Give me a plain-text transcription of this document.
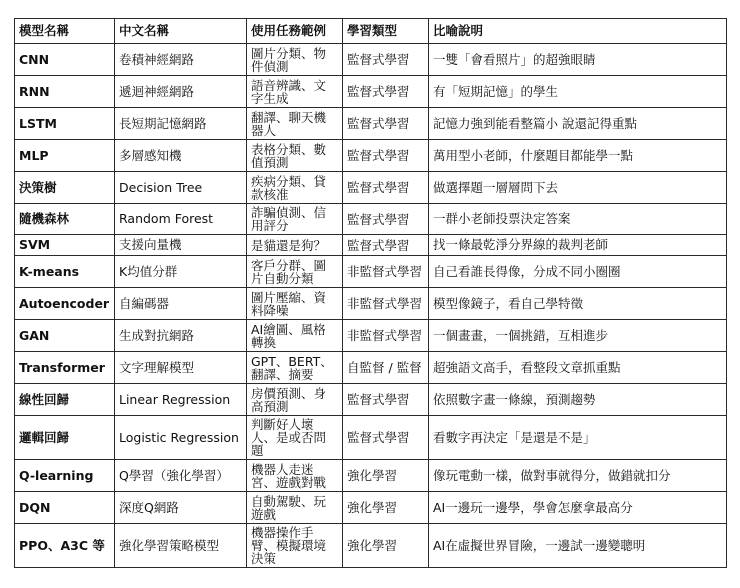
模型名稱	中文名稱	使用任務範例	學習類型	比喻說明
CNN	卷積神經網路	圖片分類、物件偵測	監督式學習	一雙「會看照片」的超強眼睛
RNN	遞迴神經網路	語音辨識、文字生成	監督式學習	有「短期記憶」的學生
LSTM	長短期記憶網路	翻譯、聊天機器人	監督式學習	記憶力強到能看整篇小 說還記得重點
MLP	多層感知機	表格分類、數值預測	監督式學習	萬用型小老師，什麼題目都能學一點
決策樹	Decision Tree	疾病分類、貸款核准	監督式學習	做選擇題一層層問下去
隨機森林	Random Forest	詐騙偵測、信用評分	監督式學習	一群小老師投票決定答案
SVM	支援向量機	是貓還是狗？	監督式學習	找一條最乾淨分界線的裁判老師
K-means	K均值分群	客戶分群、圖片自動分類	非監督式學習	自己看誰長得像，分成不同小圈圈
Autoencoder	自編碼器	圖片壓縮、資料降噪	非監督式學習	模型像鏡子，看自己學特徵
GAN	生成對抗網路	AI繪圖、風格轉換	非監督式學習	一個畫畫，一個挑錯，互相進步
Transformer	文字理解模型	GPT、BERT、翻譯、摘要	自監督 / 監督	超強語文高手，看整段文章抓重點
線性回歸	Linear Regression	房價預測、身高預測	監督式學習	依照數字畫一條線，預測趨勢
邏輯回歸	Logistic Regression	判斷好人壞人、是或否問題	監督式學習	看數字再決定「是還是不是」
Q-learning	Q學習（強化學習）	機器人走迷宮、遊戲對戰	強化學習	像玩電動一樣，做對事就得分，做錯就扣分
DQN	深度Q網路	自動駕駛、玩遊戲	強化學習	AI一邊玩一邊學，學會怎麼拿最高分
PPO、A3C 等	強化學習策略模型	機器操作手臂、模擬環境決策	強化學習	AI在虛擬世界冒險，一邊試一邊變聰明
